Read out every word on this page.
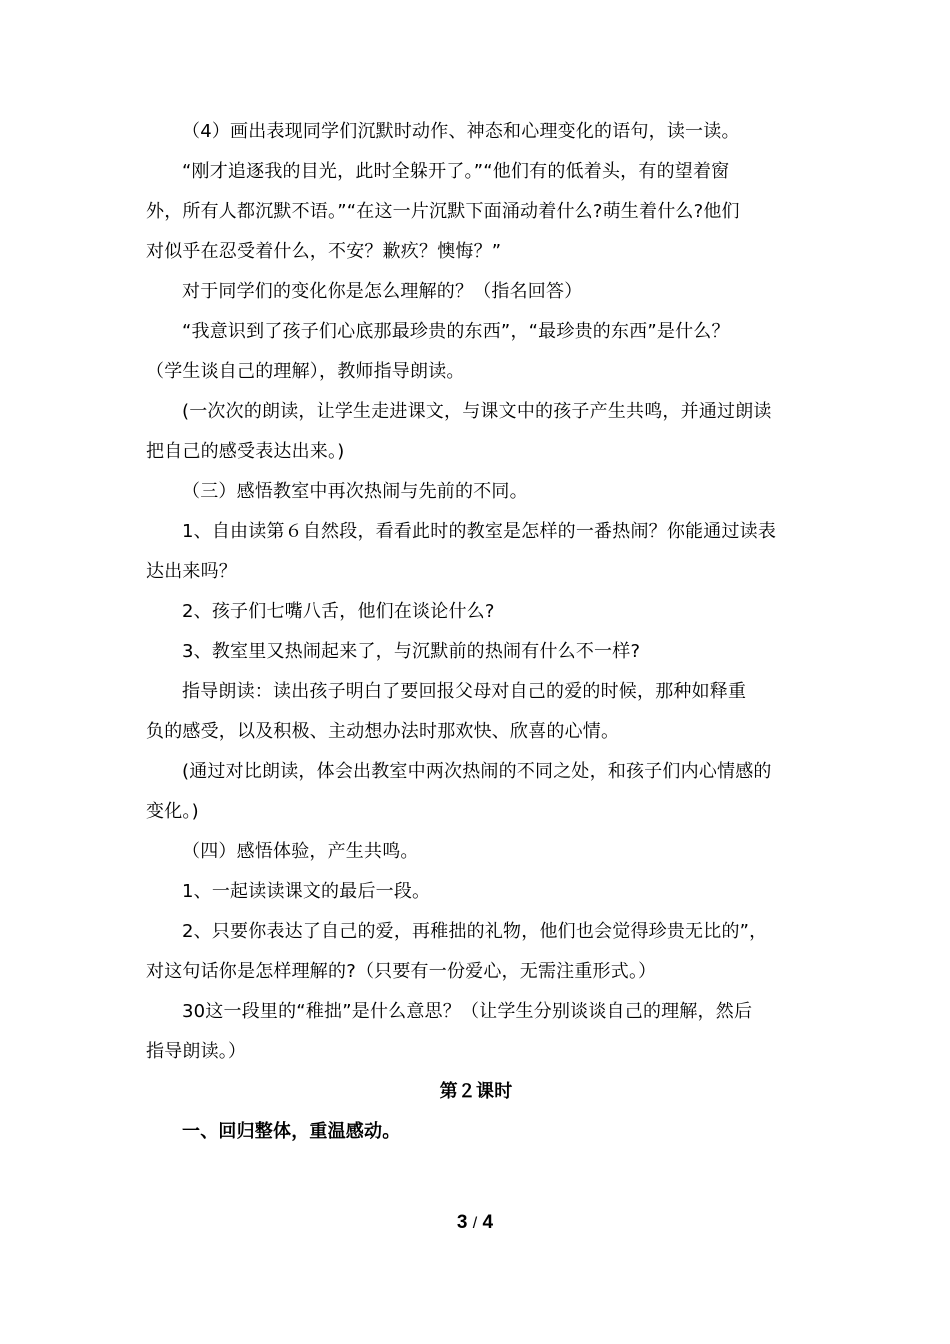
（4）画出表现同学们沉默时动作、神态和心理变化的语句，读一读。
“刚才追逐我的目光，此时全躲开了。”“他们有的低着头，有的望着窗
外，所有人都沉默不语。”“在这一片沉默下面涌动着什么?萌生着什么?他们
对似乎在忍受着什么，不安？歉疚？懊悔？”
对于同学们的变化你是怎么理解的？（指名回答）
“我意识到了孩子们心底那最珍贵的东西”，“最珍贵的东西”是什么？
（学生谈自己的理解），教师指导朗读。
(一次次的朗读，让学生走进课文，与课文中的孩子产生共鸣，并通过朗读
把自己的感受表达出来。)
（三）感悟教室中再次热闹与先前的不同。
1、自由读第６自然段，看看此时的教室是怎样的一番热闹？你能通过读表
达出来吗？
2、孩子们七嘴八舌，他们在谈论什么?
3、教室里又热闹起来了，与沉默前的热闹有什么不一样?
指导朗读：读出孩子明白了要回报父母对自己的爱的时候，那种如释重
负的感受，以及积极、主动想办法时那欢快、欣喜的心情。
(通过对比朗读，体会出教室中两次热闹的不同之处，和孩子们内心情感的
变化。)
（四）感悟体验，产生共鸣。
1、一起读读课文的最后一段。
2、只要你表达了自己的爱，再稚拙的礼物，他们也会觉得珍贵无比的”，
对这句话你是怎样理解的?（只要有一份爱心，无需注重形式。）
30这一段里的“稚拙”是什么意思？（让学生分别谈谈自己的理解，然后
指导朗读。）
第２课时
一、回归整体，重温感动。
3 / 4
